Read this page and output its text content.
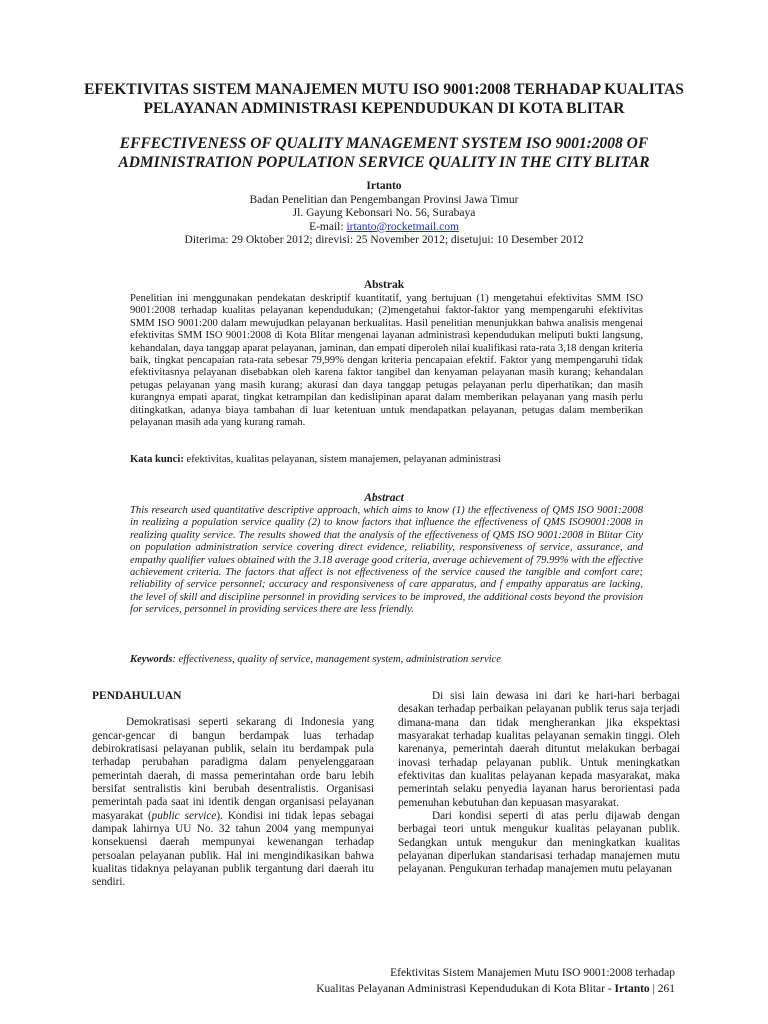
EFEKTIVITAS SISTEM MANAJEMEN MUTU ISO 9001:2008 TERHADAP KUALITAS PELAYANAN ADMINISTRASI KEPENDUDUKAN DI KOTA BLITAR
EFFECTIVENESS OF QUALITY MANAGEMENT SYSTEM ISO 9001:2008 OF ADMINISTRATION POPULATION SERVICE QUALITY IN THE CITY BLITAR
Irtanto
Badan Penelitian dan Pengembangan Provinsi Jawa Timur
Jl. Gayung Kebonsari No. 56, Surabaya
E-mail: irtanto@rocketmail.com
Diterima: 29 Oktober 2012; direvisi: 25 November 2012; disetujui: 10 Desember 2012
Abstrak
Penelitian ini menggunakan pendekatan deskriptif kuantitatif, yang bertujuan (1) mengetahui efektivitas SMM ISO 9001:2008 terhadap kualitas pelayanan kependudukan; (2)mengetahui faktor-faktor yang mempengaruhi efektivitas SMM ISO 9001:200 dalam mewujudkan pelayanan berkualitas. Hasil penelitian menunjukkan bahwa analisis mengenai efektivitas SMM ISO 9001:2008 di Kota Blitar mengenai layanan administrasi kependudukan meliputi bukti langsung, kehandalan, daya tanggap aparat pelayanan, jaminan, dan empati diperoleh nilai kualifikasi rata-rata 3,18 dengan kriteria baik, tingkat pencapaian rata-rata sebesar 79,99% dengan kriteria pencapaian efektif. Faktor yang mempengaruhi tidak efektivitasnya pelayanan disebabkan oleh karena faktor tangibel dan kenyaman pelayanan masih kurang; kehandalan petugas pelayanan yang masih kurang; akurasi dan daya tanggap petugas pelayanan perlu diperhatikan; dan masih kurangnya empati aparat, tingkat ketrampilan dan kedislipinan aparat dalam memberikan pelayanan yang masih perlu ditingkatkan, adanya biaya tambahan di luar ketentuan untuk mendapatkan pelayanan, petugas dalam memberikan pelayanan masih ada yang kurang ramah.
Kata kunci: efektivitas, kualitas pelayanan, sistem manajemen, pelayanan administrasi
Abstract
This research used quantitative descriptive approach, which aims to know (1) the effectiveness of QMS ISO 9001:2008 in realizing a population service quality (2) to know factors that influence the effectiveness of QMS ISO9001:2008 in realizing quality service. The results showed that the analysis of the effectiveness of QMS ISO 9001:2008 in Blitar City on population administration service covering direct evidence, reliability, responsiveness of service, assurance, and empathy qualifier values obtained with the 3.18 average good criteria, average achievement of 79.99% with the effective achievement criteria. The factors that affect is not effectiveness of the service caused the tangible and comfort care; reliability of service personnel; accuracy and responsiveness of care apparatus, and f empathy apparatus are lacking, the level of skill and discipline personnel in providing services to be improved, the additional costs beyond the provision for services, personnel in providing services there are less friendly.
Keywords: effectiveness, quality of service, management system, administration service
PENDAHULUAN

Demokratisasi seperti sekarang di Indonesia yang gencar-gencar di bangun berdampak luas terhadap debirokratisasi pelayanan publik, selain itu berdampak pula terhadap perubahan paradigma dalam penyelenggaraan pemerintah daerah, di massa pemerintahan orde baru lebih bersifat sentralistis kini berubah desentralistis. Organisasi pemerintah pada saat ini identik dengan organisasi pelayanan masyarakat (public service). Kondisi ini tidak lepas sebagai dampak lahirnya UU No. 32 tahun 2004 yang mempunyai konsekuensi daerah mempunyai kewenangan terhadap persoalan pelayanan publik. Hal ini mengindikasikan bahwa kualitas tidaknya pelayanan publik tergantung dari daerah itu sendiri.

Di sisi lain dewasa ini dari ke hari-hari berbagai desakan terhadap perbaikan pelayanan publik terus saja terjadi dimana-mana dan tidak mengherankan jika ekspektasi masyarakat terhadap kualitas pelayanan semakin tinggi. Oleh karenanya, pemerintah daerah dituntut melakukan berbagai inovasi terhadap pelayanan publik. Untuk meningkatkan efektivitas dan kualitas pelayanan kepada masyarakat, maka pemerintah selaku penyedia layanan harus berorientasi pada pemenuhan kebutuhan dan kepuasan masyarakat.

Dari kondisi seperti di atas perlu dijawab dengan berbagai teori untuk mengukur kualitas pelayanan publik. Sedangkan untuk mengukur dan meningkatkan kualitas pelayanan diperlukan standarisasi terhadap manajemen mutu pelayanan. Pengukuran terhadap manajemen mutu pelayanan

Efektivitas Sistem Manajemen Mutu ISO 9001:2008 terhadap
Kualitas Pelayanan Administrasi Kependudukan di Kota Blitar - Irtanto | 261
